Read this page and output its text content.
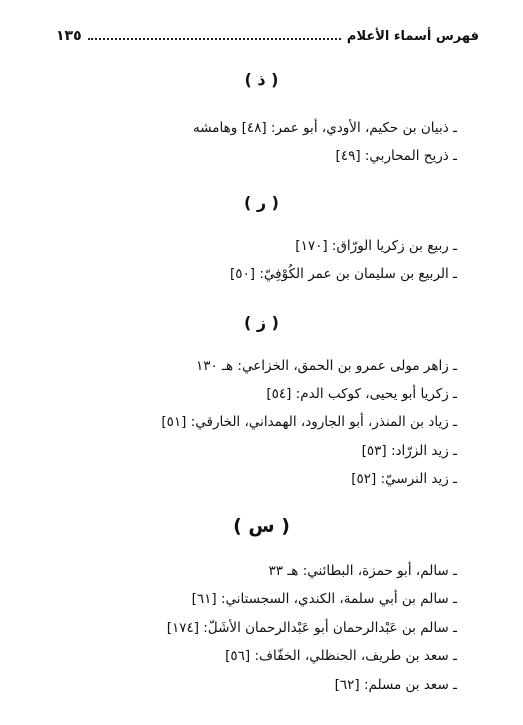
فهرس أسماء الأعلام
١٣٥
( ذ )
ـ ذبيان بن حكيم، الأودي، أبو عمر: [٤٨] وهامشه
ـ ذريح المحاربي: [٤٩]
( ر )
ـ ربيع بن زكريا الورّاق: [١٧٠]
ـ الربيع بن سليمان بن عمر الكُوْفِيّ: [٥٠]
( ز )
ـ زاهر مولى عمرو بن الحمق، الخزاعي: هـ ١٣٠
ـ زكريا أبو يحيى، كوكب الدم: [٥٤]
ـ زياد بن المنذر، أبو الجارود، الهمداني، الخارقي: [٥١]
ـ زيد الزرّاد: [٥٣]
ـ زيد النرسيّ: [٥٢]
( س )
ـ سالم، أبو حمزة، البطائني: هـ ٣٣
ـ سالم بن أبي سلمة، الكندي، السجستاني: [٦١]
ـ سالم بن عَبْدالرحمان أبو عَبْدالرحمان الأشَلّ: [١٧٤]
ـ سعد بن طريف، الحنظلي، الخفّاف: [٥٦]
ـ سعد بن مسلم: [٦٢]
